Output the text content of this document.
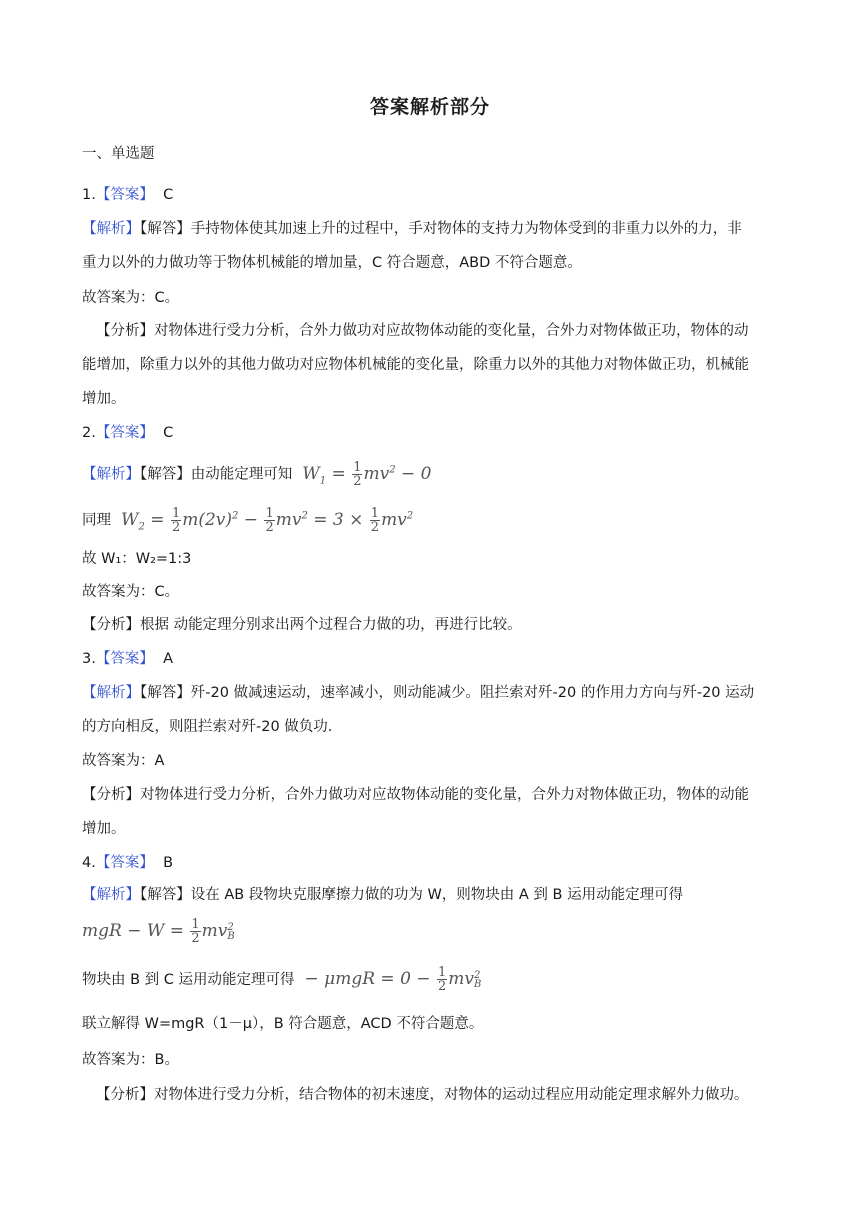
答案解析部分
一、单选题
1.【答案】 C
【解析】【解答】手持物体使其加速上升的过程中，手对物体的支持力为物体受到的非重力以外的力，非
重力以外的力做功等于物体机械能的增加量，C 符合题意，ABD 不符合题意。
故答案为：C。
【分析】对物体进行受力分析，合外力做功对应故物体动能的变化量，合外力对物体做正功，物体的动
能增加，除重力以外的其他力做功对应物体机械能的变化量，除重力以外的其他力对物体做正功，机械能
增加。
2.【答案】 C
【解析】【解答】由动能定理可知  $W_1 = \frac{1}{2} mv^2 - 0$
同理  $W_2 = \frac{1}{2} m(2v)^2 - \frac{1}{2} mv^2 = 3 \times \frac{1}{2} mv^2$
故 W₁：W₂=1:3
故答案为：C。
【分析】根据 动能定理分别求出两个过程合力做的功，再进行比较。
3.【答案】 A
【解析】【解答】歼-20 做减速运动，速率减小，则动能减少。阻拦索对歼-20 的作用力方向与歼-20 运动
的方向相反，则阻拦索对歼-20 做负功.
故答案为：A
【分析】对物体进行受力分析，合外力做功对应故物体动能的变化量，合外力对物体做正功，物体的动能
增加。
4.【答案】 B
【解析】【解答】设在 AB 段物块克服摩擦力做的功为 W，则物块由 A 到 B 运用动能定理可得
mgR − $W = \frac{1}{2}$ mv 2
B
物块由 B 到 C 运用动能定理可得  − $\mu mgR = 0 - \frac{1}{2}$ mv 2
B
联立解得 W=mgR（1－μ），B 符合题意，ACD 不符合题意。
故答案为：B。
【分析】对物体进行受力分析，结合物体的初末速度，对物体的运动过程应用动能定理求解外力做功。
